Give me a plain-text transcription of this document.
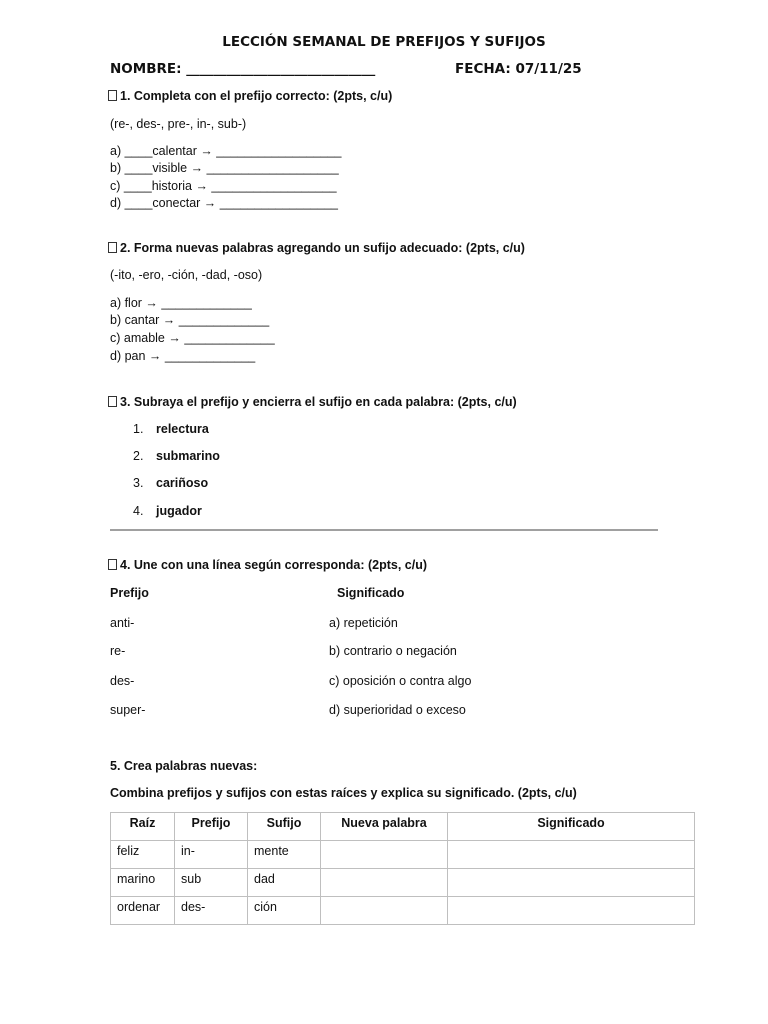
LECCIÓN SEMANAL DE PREFIJOS Y SUFIJOS
NOMBRE: ____________________________	FECHA: 07/11/25
1. Completa con el prefijo correcto: (2pts, c/u)
(re-, des-, pre-, in-, sub-)
a) ____calentar → __________________
b) ____visible → ___________________
c) ____historia → __________________
d) ____conectar → _________________
2. Forma nuevas palabras agregando un sufijo adecuado: (2pts, c/u)
(-ito, -ero, -ción, -dad, -oso)
a) flor → _____________
b) cantar → _____________
c) amable → _____________
d) pan → _____________
3. Subraya el prefijo y encierra el sufijo en cada palabra: (2pts, c/u)
1. relectura
2. submarino
3. cariñoso
4. jugador
4. Une con una línea según corresponda: (2pts, c/u)
Prefijo	Significado
anti-	a) repetición
re-	b) contrario o negación
des-	c) oposición o contra algo
super-	d) superioridad o exceso
5. Crea palabras nuevas:
Combina prefijos y sufijos con estas raíces y explica su significado. (2pts, c/u)
Raíz	Prefijo	Sufijo	Nueva palabra	Significado
feliz	in-	mente		
marino	sub	dad		
ordenar	des-	ción		
